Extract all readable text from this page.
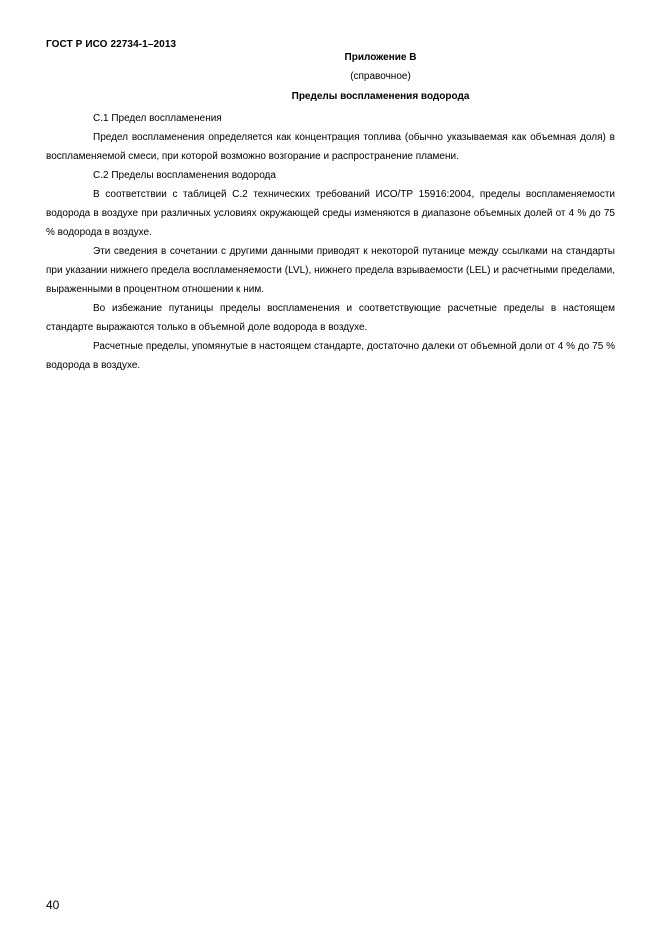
ГОСТ Р ИСО 22734-1–2013
Приложение В
(справочное)
Пределы воспламенения водорода

С.1 Предел воспламенения

Предел воспламенения определяется как концентрация топлива (обычно указываемая как объемная доля) в воспламеняемой смеси, при которой возможно возгорание и распространение пламени.

С.2 Пределы воспламенения водорода

В соответствии с таблицей С.2 технических требований ИСО/ТР 15916:2004, пределы воспламеняемости водорода в воздухе при различных условиях окружающей среды изменяются в диапазоне объемных долей от 4 % до 75 % водорода в воздухе.

Эти сведения в сочетании с другими данными приводят к некоторой путанице между ссылками на стандарты при указании нижнего предела воспламеняемости (LVL), нижнего предела взрываемости (LEL) и расчетными пределами, выраженными в процентном отношении к ним.

Во избежание путаницы пределы воспламенения и соответствующие расчетные пределы в настоящем стандарте выражаются только в объемной доле водорода в воздухе.

Расчетные пределы, упомянутые в настоящем стандарте, достаточно далеки от объемной доли от 4 % до 75 % водорода в воздухе.

40
